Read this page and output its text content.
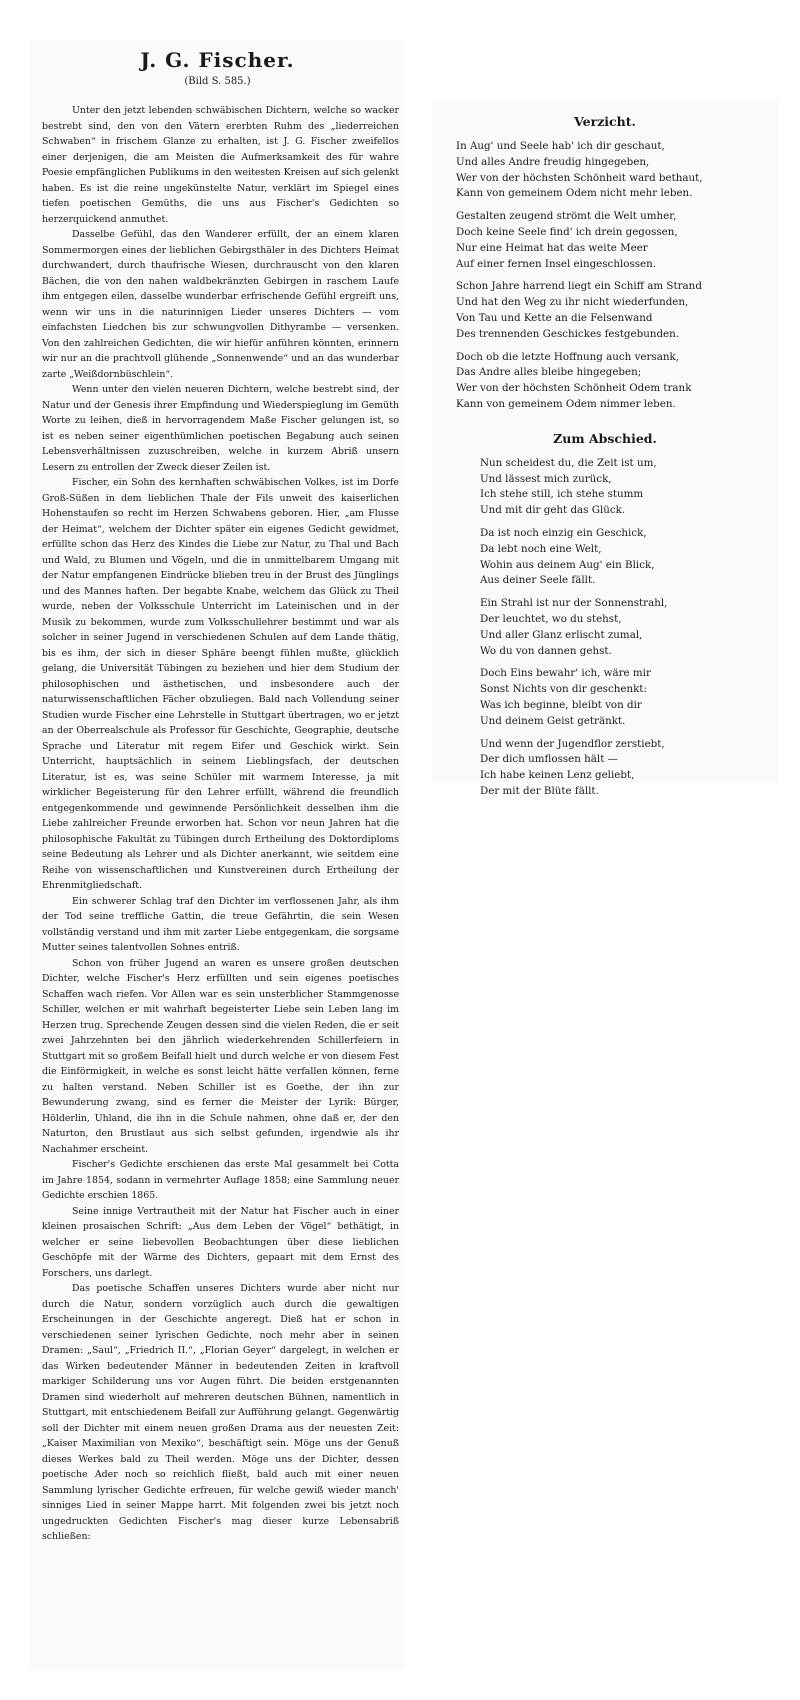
J. G. Fischer.
(Bild S. 585.)

Unter den jetzt lebenden schwäbischen Dichtern, welche so wacker bestrebt sind, den von den Vätern ererbten Ruhm des „liederreichen Schwaben“ in frischem Glanze zu erhalten, ist J. G. Fischer zweifellos einer derjenigen, die am Meisten die Aufmerksamkeit des für wahre Poesie empfänglichen Publikums in den weitesten Kreisen auf sich gelenkt haben. Es ist die reine ungekünstelte Natur, verklärt im Spiegel eines tiefen poetischen Gemüths, die uns aus Fischer's Gedichten so herzerquickend anmuthet.

Dasselbe Gefühl, das den Wanderer erfüllt, der an einem klaren Sommermorgen eines der lieblichen Gebirgsthäler in des Dichters Heimat durchwandert, durch thaufrische Wiesen, durchrauscht von den klaren Bächen, die von den nahen waldbekränzten Gebirgen in raschem Laufe ihm entgegen eilen, dasselbe wunderbar erfrischende Gefühl ergreift uns, wenn wir uns in die naturinnigen Lieder unseres Dichters — vom einfachsten Liedchen bis zur schwungvollen Dithyrambe — versenken. Von den zahlreichen Gedichten, die wir hiefür anführen könnten, erinnern wir nur an die prachtvoll glühende „Sonnenwende“ und an das wunderbar zarte „Weißdornbüschlein“.

Wenn unter den vielen neueren Dichtern, welche bestrebt sind, der Natur und der Genesis ihrer Empfindung und Wiederspieglung im Gemüth Worte zu leihen, dieß in hervorragendem Maße Fischer gelungen ist, so ist es neben seiner eigenthümlichen poetischen Begabung auch seinen Lebensverhältnissen zuzuschreiben, welche in kurzem Abriß unsern Lesern zu entrollen der Zweck dieser Zeilen ist.

Fischer, ein Sohn des kernhaften schwäbischen Volkes, ist im Dorfe Groß-Süßen in dem lieblichen Thale der Fils unweit des kaiserlichen Hohenstaufen so recht im Herzen Schwabens geboren. Hier, „am Flusse der Heimat“, welchem der Dichter später ein eigenes Gedicht gewidmet, erfüllte schon das Herz des Kindes die Liebe zur Natur, zu Thal und Bach und Wald, zu Blumen und Vögeln, und die in unmittelbarem Umgang mit der Natur empfangenen Eindrücke blieben treu in der Brust des Jünglings und des Mannes haften. Der begabte Knabe, welchem das Glück zu Theil wurde, neben der Volksschule Unterricht im Lateinischen und in der Musik zu bekommen, wurde zum Volksschullehrer bestimmt und war als solcher in seiner Jugend in verschiedenen Schulen auf dem Lande thätig, bis es ihm, der sich in dieser Sphäre beengt fühlen mußte, glücklich gelang, die Universität Tübingen zu beziehen und hier dem Studium der philosophischen und ästhetischen, und insbesondere auch der naturwissenschaftlichen Fächer obzuliegen. Bald nach Vollendung seiner Studien wurde Fischer eine Lehrstelle in Stuttgart übertragen, wo er jetzt an der Oberrealschule als Professor für Geschichte, Geographie, deutsche Sprache und Literatur mit regem Eifer und Geschick wirkt. Sein Unterricht, hauptsächlich in seinem Lieblingsfach, der deutschen Literatur, ist es, was seine Schüler mit warmem Interesse, ja mit wirklicher Begeisterung für den Lehrer erfüllt, während die freundlich entgegenkommende und gewinnende Persönlichkeit desselben ihm die Liebe zahlreicher Freunde erworben hat. Schon vor neun Jahren hat die philosophische Fakultät zu Tübingen durch Ertheilung des Doktordiploms seine Bedeutung als Lehrer und als Dichter anerkannt, wie seitdem eine Reihe von wissenschaftlichen und Kunstvereinen durch Ertheilung der Ehrenmitgliedschaft.

Ein schwerer Schlag traf den Dichter im verflossenen Jahr, als ihm der Tod seine treffliche Gattin, die treue Gefährtin, die sein Wesen vollständig verstand und ihm mit zarter Liebe entgegenkam, die sorgsame Mutter seines talentvollen Sohnes entriß.

Schon von früher Jugend an waren es unsere großen deutschen Dichter, welche Fischer's Herz erfüllten und sein eigenes poetisches Schaffen wach riefen. Vor Allen war es sein unsterblicher Stammgenosse Schiller, welchen er mit wahrhaft begeisterter Liebe sein Leben lang im Herzen trug. Sprechende Zeugen dessen sind die vielen Reden, die er seit zwei Jahrzehnten bei den jährlich wiederkehrenden Schillerfeiern in Stuttgart mit so großem Beifall hielt und durch welche er von diesem Fest die Einförmigkeit, in welche es sonst leicht hätte verfallen können, ferne zu halten verstand. Neben Schiller ist es Goethe, der ihn zur Bewunderung zwang, sind es ferner die Meister der Lyrik: Bürger, Hölderlin, Uhland, die ihn in die Schule nahmen, ohne daß er, der den Naturton, den Brustlaut aus sich selbst gefunden, irgendwie als ihr Nachahmer erscheint.

Fischer's Gedichte erschienen das erste Mal gesammelt bei Cotta im Jahre 1854, sodann in vermehrter Auflage 1858; eine Sammlung neuer Gedichte erschien 1865.

Seine innige Vertrautheit mit der Natur hat Fischer auch in einer kleinen prosaischen Schrift: „Aus dem Leben der Vögel“ bethätigt, in welcher er seine liebevollen Beobachtungen über diese lieblichen Geschöpfe mit der Wärme des Dichters, gepaart mit dem Ernst des Forschers, uns darlegt.

Das poetische Schaffen unseres Dichters wurde aber nicht nur durch die Natur, sondern vorzüglich auch durch die gewaltigen Erscheinungen in der Geschichte angeregt. Dieß hat er schon in verschiedenen seiner lyrischen Gedichte, noch mehr aber in seinen Dramen: „Saul“, „Friedrich II.“, „Florian Geyer“ dargelegt, in welchen er das Wirken bedeutender Männer in bedeutenden Zeiten in kraftvoll markiger Schilderung uns vor Augen führt. Die beiden erstgenannten Dramen sind wiederholt auf mehreren deutschen Bühnen, namentlich in Stuttgart, mit entschiedenem Beifall zur Aufführung gelangt. Gegenwärtig soll der Dichter mit einem neuen großen Drama aus der neuesten Zeit: „Kaiser Maximilian von Mexiko“, beschäftigt sein. Möge uns der Genuß dieses Werkes bald zu Theil werden. Möge uns der Dichter, dessen poetische Ader noch so reichlich fließt, bald auch mit einer neuen Sammlung lyrischer Gedichte erfreuen, für welche gewiß wieder manch' sinniges Lied in seiner Mappe harrt. Mit folgenden zwei bis jetzt noch ungedruckten Gedichten Fischer's mag dieser kurze Lebensabriß schließen:

Verzicht.
In Aug' und Seele hab' ich dir geschaut,
Und alles Andre freudig hingegeben,
Wer von der höchsten Schönheit ward bethaut,
Kann von gemeinem Odem nicht mehr leben.
Gestalten zeugend strömt die Welt umher,
Doch keine Seele find' ich drein gegossen,
Nur eine Heimat hat das weite Meer
Auf einer fernen Insel eingeschlossen.
Schon Jahre harrend liegt ein Schiff am Strand
Und hat den Weg zu ihr nicht wiederfunden,
Von Tau und Kette an die Felsenwand
Des trennenden Geschickes festgebunden.
Doch ob die letzte Hoffnung auch versank,
Das Andre alles bleibe hingegeben;
Wer von der höchsten Schönheit Odem trank
Kann von gemeinem Odem nimmer leben.
Zum Abschied.
Nun scheidest du, die Zeit ist um,
Und lässest mich zurück,
Ich stehe still, ich stehe stumm
Und mit dir geht das Glück.
Da ist noch einzig ein Geschick,
Da lebt noch eine Welt,
Wohin aus deinem Aug' ein Blick,
Aus deiner Seele fällt.
Ein Strahl ist nur der Sonnenstrahl,
Der leuchtet, wo du stehst,
Und aller Glanz erlischt zumal,
Wo du von dannen gehst.
Doch Eins bewahr' ich, wäre mir
Sonst Nichts von dir geschenkt:
Was ich beginne, bleibt von dir
Und deinem Geist getränkt.
Und wenn der Jugendflor zerstiebt,
Der dich umflossen hält —
Ich habe keinen Lenz geliebt,
Der mit der Blüte fällt.
